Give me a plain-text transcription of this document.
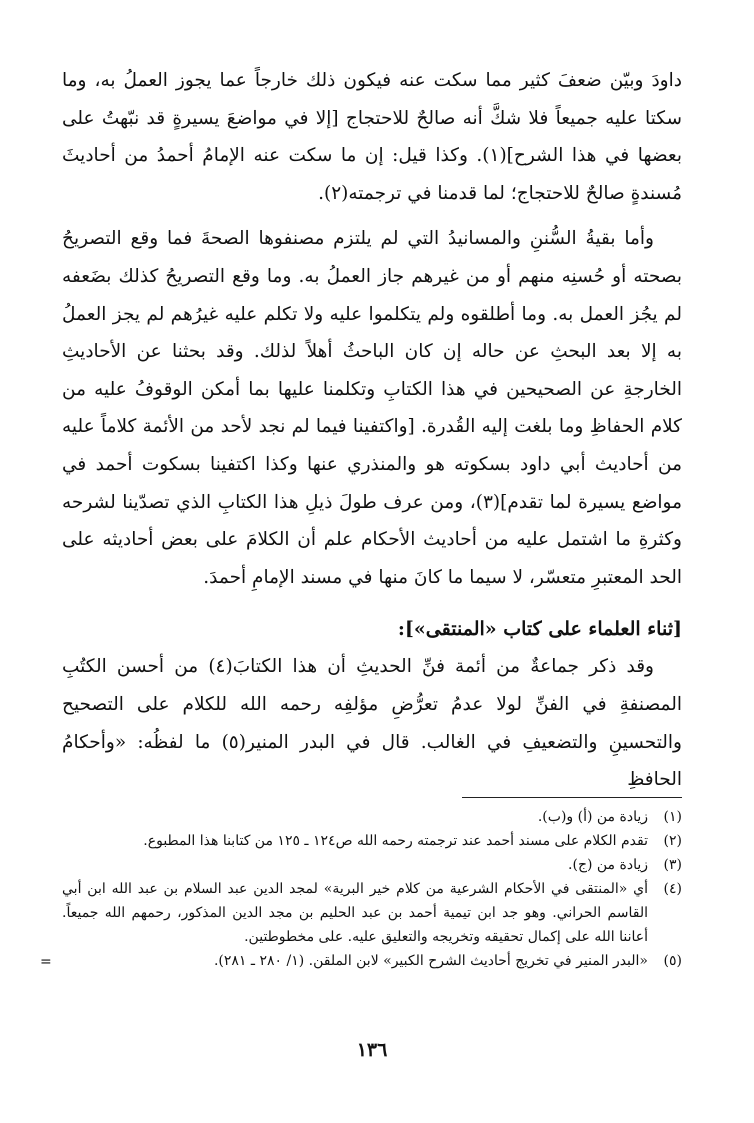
داودَ وبيّن ضعفَ كثير مما سكت عنه فيكون ذلك خارجاً عما يجوز العملُ به، وما سكتا عليه جميعاً فلا شكَّ أنه صالحٌ للاحتجاج [إلا في مواضعَ يسيرةٍ قد نبّهتُ على بعضها في هذا الشرح](١). وكذا قيل: إن ما سكت عنه الإمامُ أحمدُ من أحاديثَ مُسندةٍ صالحٌ للاحتجاج؛ لما قدمنا في ترجمته(٢).

وأما بقيةُ السُّننِ والمسانيدُ التي لم يلتزم مصنفوها الصحةَ فما وقع التصريحُ بصحته أو حُسنِه منهم أو من غيرهم جاز العملُ به. وما وقع التصريحُ كذلك بضَعفه لم يجُز العمل به. وما أطلقوه ولم يتكلموا عليه ولا تكلم عليه غيرُهم لم يجز العملُ به إلا بعد البحثِ عن حاله إن كان الباحثُ أهلاً لذلك. وقد بحثنا عن الأحاديثِ الخارجةِ عن الصحيحين في هذا الكتابِ وتكلمنا عليها بما أمكن الوقوفُ عليه من كلام الحفاظِ وما بلغت إليه القُدرة. [واكتفينا فيما لم نجد لأحد من الأئمة كلاماً عليه من أحاديث أبي داود بسكوته هو والمنذري عنها وكذا اكتفينا بسكوت أحمد في مواضع يسيرة لما تقدم](٣)، ومن عرف طولَ ذيلِ هذا الكتابِ الذي تصدّينا لشرحه وكثرةِ ما اشتمل عليه من أحاديث الأحكام علم أن الكلامَ على بعض أحاديثه على الحد المعتبرِ متعسّر، لا سيما ما كانَ منها في مسند الإمامِ أحمدَ.

[ثناء العلماء على كتاب «المنتقى»]:

وقد ذكر جماعةٌ من أئمة فنِّ الحديثِ أن هذا الكتابَ(٤) من أحسن الكتُبِ المصنفةِ في الفنِّ لولا عدمُ تعرُّضِ مؤلفِه رحمه الله للكلام على التصحيح والتحسينِ والتضعيفِ في الغالب. قال في البدر المنير(٥) ما لفظُه: «وأحكامُ الحافظِ

(١)
زيادة من (أ) و(ب).
(٢)
تقدم الكلام على مسند أحمد عند ترجمته رحمه الله ص١٢٤ ـ ١٢٥ من كتابنا هذا المطبوع.
(٣)
زيادة من (ج).
(٤)
أي «المنتقى في الأحكام الشرعية من كلام خير البرية» لمجد الدين عبد السلام بن عبد الله ابن أبي القاسم الحراني. وهو جد ابن تيمية أحمد بن عبد الحليم بن مجد الدين المذكور، رحمهم الله جميعاً. أعاننا الله على إكمال تحقيقه وتخريجه والتعليق عليه. على مخطوطتين.
(٥)
«البدر المنير في تخريج أحاديث الشرح الكبير» لابن الملقن. (١/ ٢٨٠ ـ ٢٨١).
=
١٣٦
